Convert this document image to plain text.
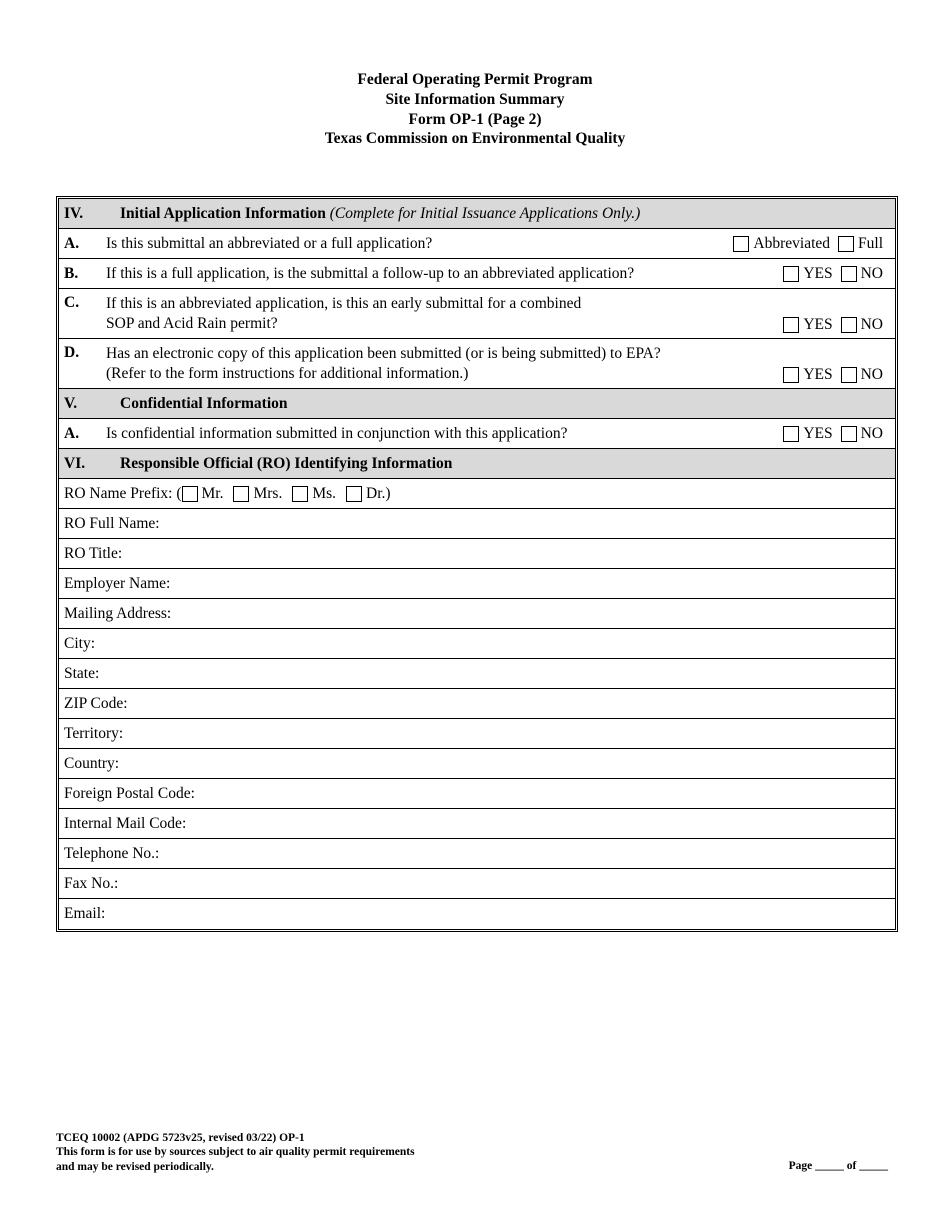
Federal Operating Permit Program
Site Information Summary
Form OP-1 (Page 2)
Texas Commission on Environmental Quality
IV.	Initial Application Information (Complete for Initial Issuance Applications Only.)
A.	Is this submittal an abbreviated or a full application?	Abbreviated Full
B.	If this is a full application, is the submittal a follow-up to an abbreviated application?	YES NO
C.	If this is an abbreviated application, is this an early submittal for a combined
SOP and Acid Rain permit?	YES NO
D.	Has an electronic copy of this application been submitted (or is being submitted) to EPA?
(Refer to the form instructions for additional information.)	YES NO
V.	Confidential Information
A.	Is confidential information submitted in conjunction with this application?	YES NO
VI.	Responsible Official (RO) Identifying Information
RO Name Prefix: ( Mr. Mrs. Ms. Dr.)
RO Full Name:
RO Title:
Employer Name:
Mailing Address:
City:
State:
ZIP Code:
Territory:
Country:
Foreign Postal Code:
Internal Mail Code:
Telephone No.:
Fax No.:
Email:
TCEQ 10002 (APDG 5723v25, revised 03/22) OP-1
This form is for use by sources subject to air quality permit requirements
and may be revised periodically.	Page _____ of _____
